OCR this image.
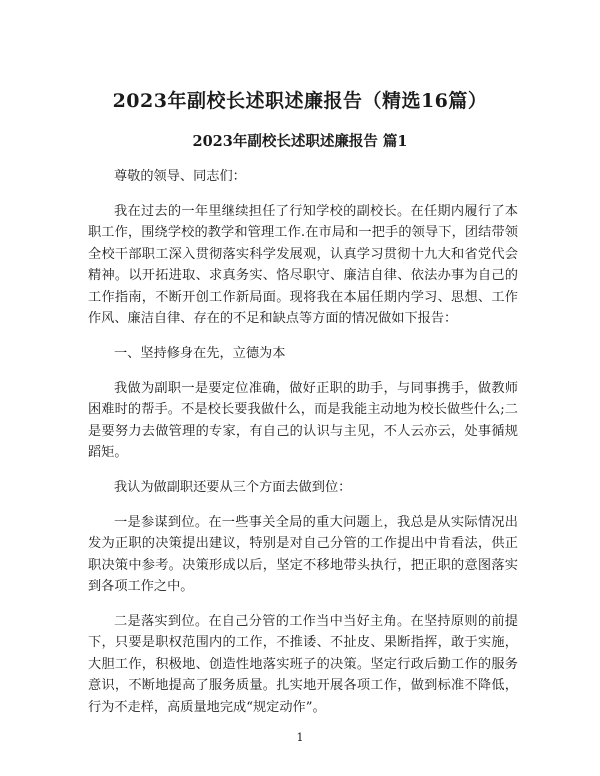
2023年副校长述职述廉报告（精选16篇）
2023年副校长述职述廉报告 篇1

尊敬的领导、同志们：

我在过去的一年里继续担任了行知学校的副校长。在任期内履行了本职工作，围绕学校的教学和管理工作.在市局和一把手的领导下，团结带领全校干部职工深入贯彻落实科学发展观，认真学习贯彻十九大和省党代会精神。以开拓进取、求真务实、恪尽职守、廉洁自律、依法办事为自己的工作指南，不断开创工作新局面。现将我在本届任期内学习、思想、工作作风、廉洁自律、存在的不足和缺点等方面的情况做如下报告：

一、坚持修身在先，立德为本

我做为副职一是要定位准确，做好正职的助手，与同事携手，做教师困难时的帮手。不是校长要我做什么，而是我能主动地为校长做些什么;二是要努力去做管理的专家，有自己的认识与主见，不人云亦云，处事循规蹈矩。

我认为做副职还要从三个方面去做到位：

一是参谋到位。在一些事关全局的重大问题上，我总是从实际情况出发为正职的决策提出建议，特别是对自己分管的工作提出中肯看法，供正职决策中参考。决策形成以后，坚定不移地带头执行，把正职的意图落实到各项工作之中。

二是落实到位。在自己分管的工作当中当好主角。在坚持原则的前提下，只要是职权范围内的工作，不推诿、不扯皮、果断指挥，敢于实施，大胆工作，积极地、创造性地落实班子的决策。坚定行政后勤工作的服务意识，不断地提高了服务质量。扎实地开展各项工作，做到标准不降低，行为不走样，高质量地完成“规定动作”。

1
